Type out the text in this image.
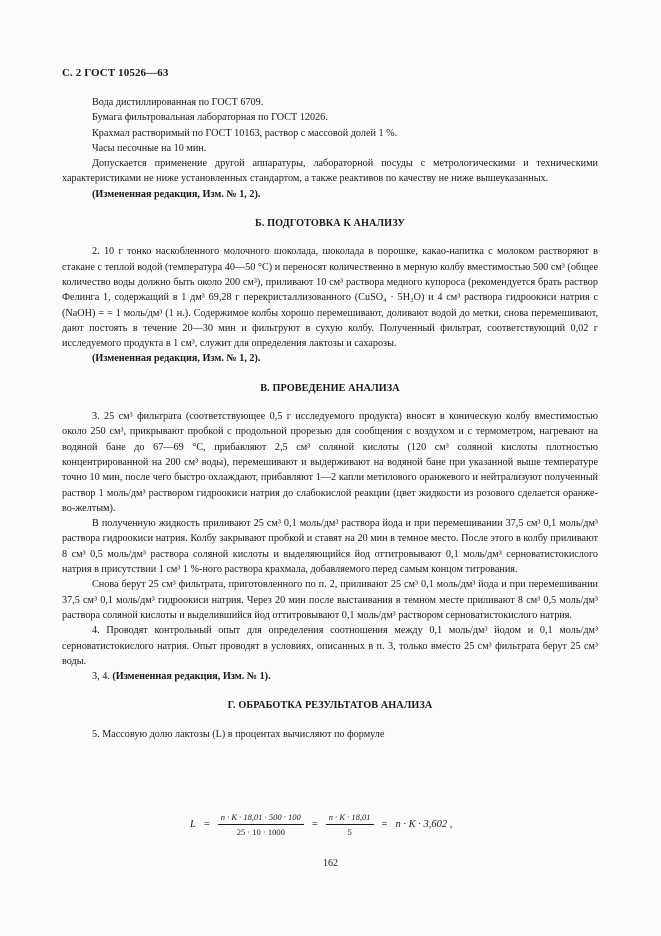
С. 2 ГОСТ 10526—63

Вода дистиллированная по ГОСТ 6709.

Бумага фильтровальная лабораторная по ГОСТ 12026.

Крахмал растворимый по ГОСТ 10163, раствор с массовой долей 1 %.

Часы песочные на 10 мин.

Допускается применение другой аппаратуры, лабораторной посуды с метрологическими и техническими характеристиками не ниже установленных стандартом, а также реактивов по качеству не ниже вышеуказанных.

(Измененная редакция, Изм. № 1, 2).

Б. ПОДГОТОВКА К АНАЛИЗУ

2. 10 г тонко наскобленного молочного шоколада, шоколада в порошке, какао-напитка с молоком растворяют в стакане с теплой водой (температура 40—50 °С) и переносят количественно в мерную колбу вместимостью 500 см³ (общее количество воды должно быть около 200 см³), приливают 10 см³ раствора медного купороса (рекомендуется брать раствор Фелинга 1, содержащий в 1 дм³ 69,28 г перекристаллизованного (CuSO₄ · 5H₂O) и 4 см³ раствора гидроокиси натрия с (NaOH) = = 1 моль/дм³ (1 н.). Содержимое колбы хорошо перемешивают, доливают водой до метки, снова перемешивают, дают постоять в течение 20—30 мин и фильтруют в сухую колбу. Полученный фильтрат, соответствующий 0,02 г исследуемого продукта в 1 см³, служит для определения лактозы и сахарозы.

(Измененная редакция, Изм. № 1, 2).

В. ПРОВЕДЕНИЕ АНАЛИЗА

3. 25 см³ фильтрата (соответствующее 0,5 г исследуемого продукта) вносят в коническую колбу вместимостью около 250 см³, прикрывают пробкой с продольной прорезью для сообщения с воздухом и с термометром, нагревают на водяной бане до 67—69 °С, прибавляют 2,5 см³ соляной кислоты (120 см³ соляной кислоты плотностью концентрированной на 200 см³ воды), перемешивают и выдерживают на водяной бане при указанной выше температуре точно 10 мин, после чего быстро охлаждают, прибавляют 1—2 капли метилового оранжевого и нейтрализуют полученный раствор 1 моль/дм³ раствором гидроокиси натрия до слабокислой реакции (цвет жидкости из розового сделается оранжево-желтым).

В полученную жидкость приливают 25 см³ 0,1 моль/дм³ раствора йода и при перемешивании 37,5 см³ 0,1 моль/дм³ раствора гидроокиси натрия. Колбу закрывают пробкой и ставят на 20 мин в темное место. После этого в колбу приливают 8 см³ 0,5 моль/дм³ раствора соляной кислоты и выделяющийся йод оттитровывают 0,1 моль/дм³ серноватистокислого натрия в присутствии 1 см³ 1 %-ного раствора крахмала, добавляемого перед самым концом титрования.

Снова берут 25 см³ фильтрата, приготовленного по п. 2, приливают 25 см³ 0,1 моль/дм³ йода и при перемешивании 37,5 см³ 0,1 моль/дм³ гидроокиси натрия. Через 20 мин после выстаивания в темном месте приливают 8 см³ 0,5 моль/дм³ раствора соляной кислоты и выделившийся йод оттитровывают 0,1 моль/дм³ раствором серноватистокислого натрия.

4. Проводят контрольный опыт для определения соотношения между 0,1 моль/дм³ йодом и 0,1 моль/дм³ серноватистокислого натрия. Опыт проводят в условиях, описанных в п. 3, только вместо 25 см³ фильтрата берут 25 см³ воды.

3, 4. (Измененная редакция, Изм. № 1).

Г. ОБРАБОТКА РЕЗУЛЬТАТОВ АНАЛИЗА

5. Массовую долю лактозы (L) в процентах вычисляют по формуле

$L = \frac{n \cdot K \cdot 18,01 \cdot 500 \cdot 100}{25 \cdot 10 \cdot 1000} = \frac{n \cdot K \cdot 18,01}{5} = n \cdot K \cdot 3,602$ ,
162
